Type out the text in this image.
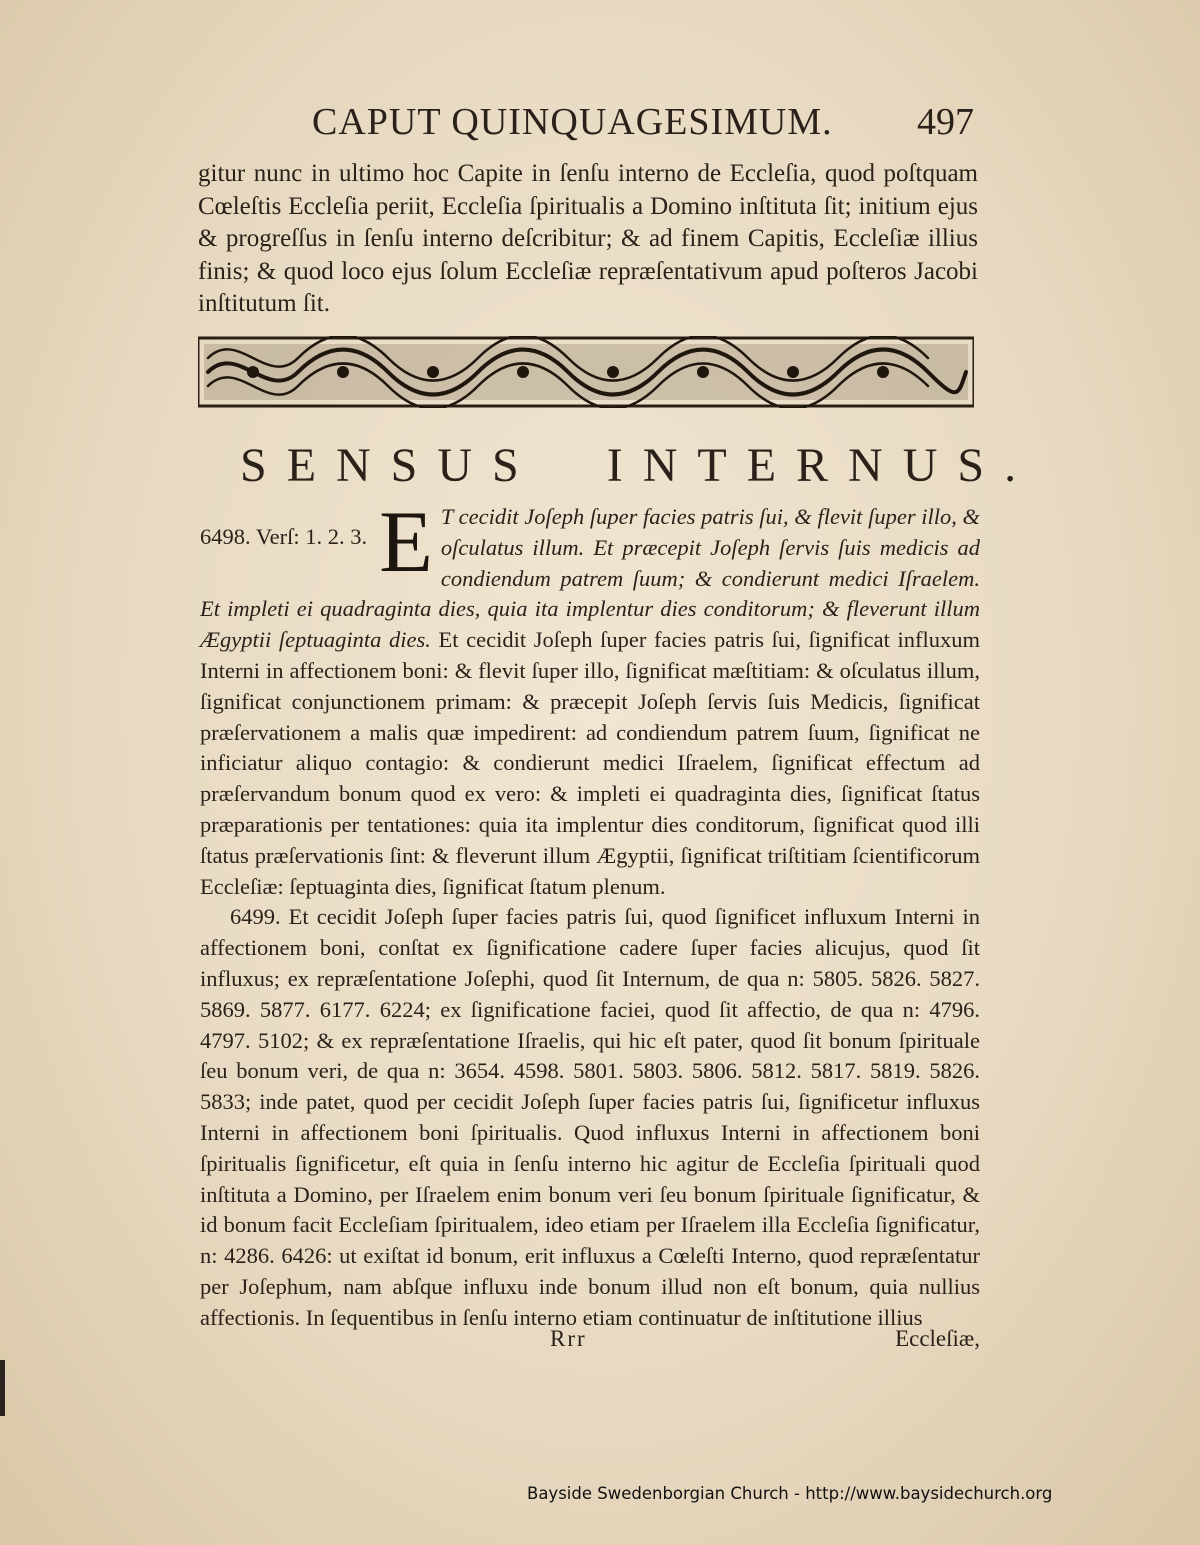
CAPUT QUINQUAGESIMUM. 497
gitur nunc in ultimo hoc Capite in ſenſu interno de Eccleſia, quod poſtquam Cœleſtis Eccleſia periit, Eccleſia ſpiritualis a Domino inſtituta ſit; initium ejus & progreſſus in ſenſu interno deſcribitur; & ad finem Capitis, Eccleſiæ illius finis; & quod loco ejus ſolum Eccleſiæ repræſentativum apud poſteros Jacobi inſtitutum ſit.
SENSUS INTERNUS.

6498. Verſ: 1. 2. 3. E T cecidit Joſeph ſuper facies patris ſui, & flevit ſuper illo, & oſculatus illum. Et præcepit Joſeph ſervis ſuis medicis ad condiendum patrem ſuum; & condierunt medici Iſraelem. Et impleti ei quadraginta dies, quia ita implentur dies conditorum; & fleverunt illum Ægyptii ſeptuaginta dies. Et cecidit Joſeph ſuper facies patris ſui, ſignificat influxum Interni in affectionem boni: & flevit ſuper illo, ſignificat mæſtitiam: & oſculatus illum, ſignificat conjunctionem primam: & præcepit Joſeph ſervis ſuis Medicis, ſignificat præſervationem a malis quæ impedirent: ad condiendum patrem ſuum, ſignificat ne inficiatur aliquo contagio: & condierunt medici Iſraelem, ſignificat effectum ad præſervandum bonum quod ex vero: & impleti ei quadraginta dies, ſignificat ſtatus præparationis per tentationes: quia ita implentur dies conditorum, ſignificat quod illi ſtatus præſervationis ſint: & fleverunt illum Ægyptii, ſignificat triſtitiam ſcientificorum Eccleſiæ: ſeptuaginta dies, ſignificat ſtatum plenum.

6499. Et cecidit Joſeph ſuper facies patris ſui, quod ſignificet influxum Interni in affectionem boni, conſtat ex ſignificatione cadere ſuper facies alicujus, quod ſit influxus; ex repræſentatione Joſephi, quod ſit Internum, de qua n: 5805. 5826. 5827. 5869. 5877. 6177. 6224; ex ſignificatione faciei, quod ſit affectio, de qua n: 4796. 4797. 5102; & ex repræſentatione Iſraelis, qui hic eſt pater, quod ſit bonum ſpirituale ſeu bonum veri, de qua n: 3654. 4598. 5801. 5803. 5806. 5812. 5817. 5819. 5826. 5833; inde patet, quod per cecidit Joſeph ſuper facies patris ſui, ſignificetur influxus Interni in affectionem boni ſpiritualis. Quod influxus Interni in affectionem boni ſpiritualis ſignificetur, eſt quia in ſenſu interno hic agitur de Eccleſia ſpirituali quod inſtituta a Domino, per Iſraelem enim bonum veri ſeu bonum ſpirituale ſignificatur, & id bonum facit Eccleſiam ſpiritualem, ideo etiam per Iſraelem illa Eccleſia ſignificatur, n: 4286. 6426: ut exiſtat id bonum, erit influxus a Cœleſti Interno, quod repræſentatur per Joſephum, nam abſque influxu inde bonum illud non eſt bonum, quia nullius affectionis. In ſequentibus in ſenſu interno etiam continuatur de inſtitutione illius

Rrr	Eccleſiæ,
Bayside Swedenborgian Church - http://www.baysidechurch.org
